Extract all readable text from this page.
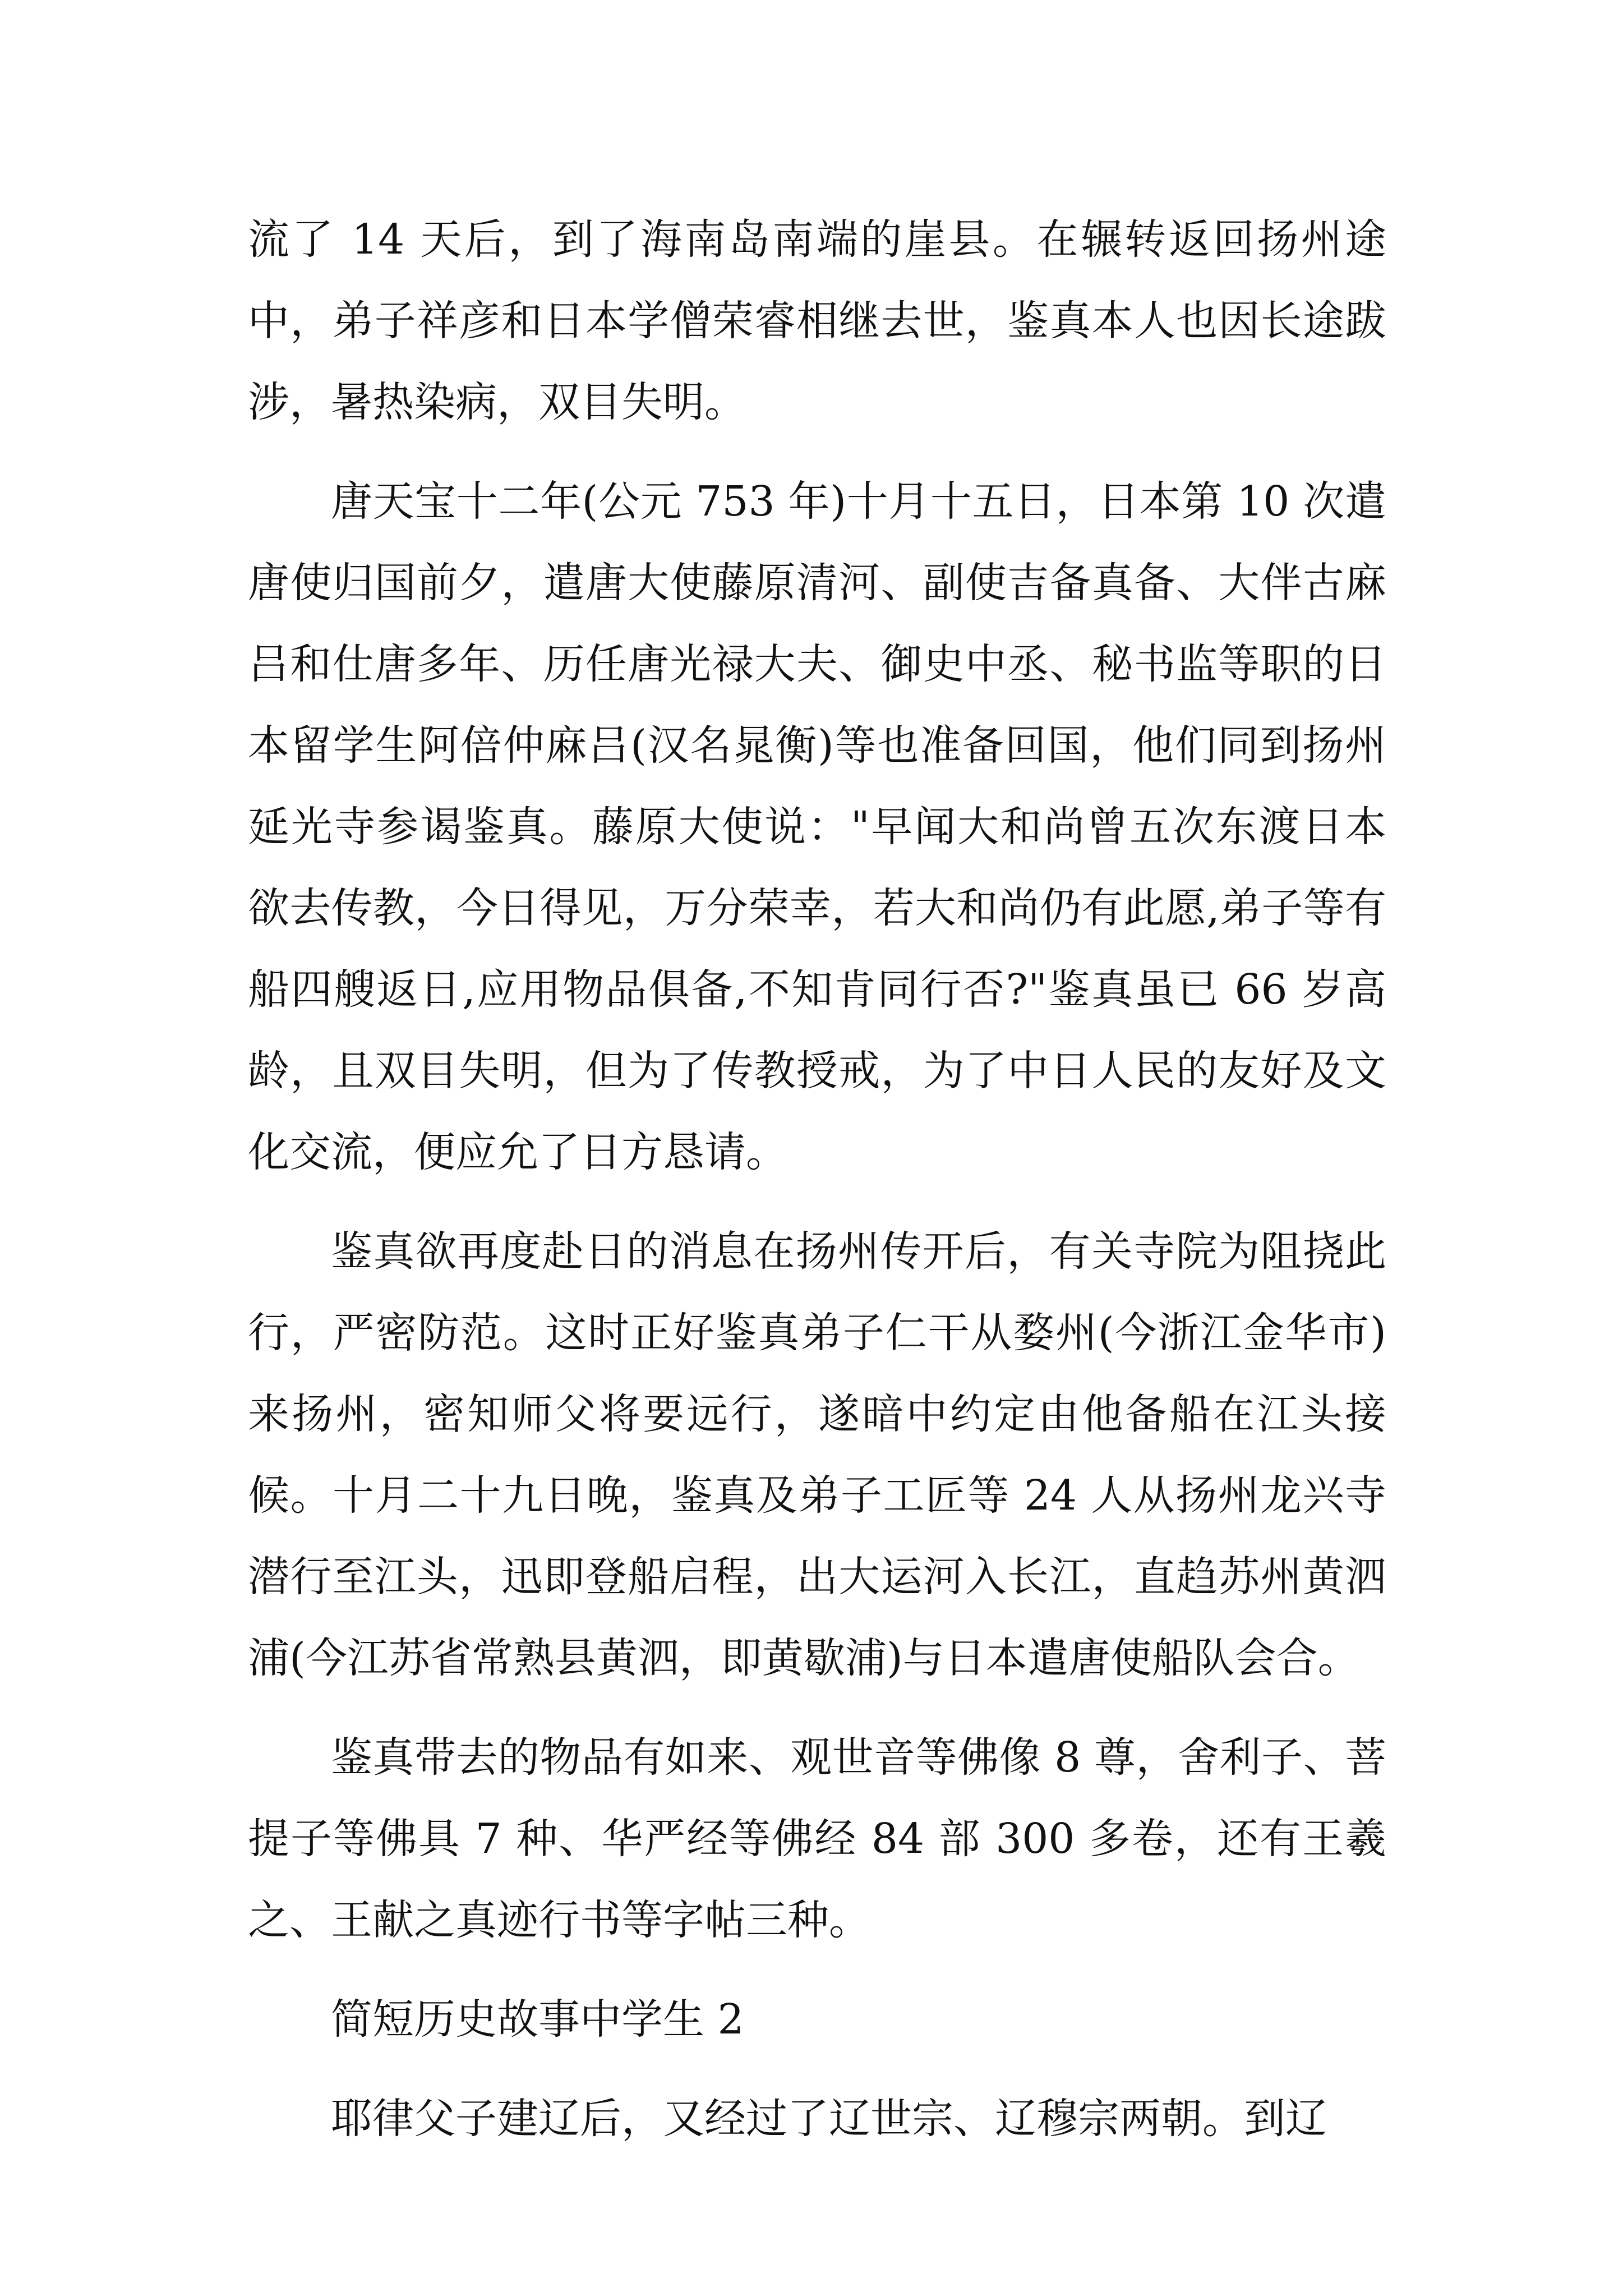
流了 14 天后，到了海南岛南端的崖县。在辗转返回扬州途中，弟子祥彦和日本学僧荣睿相继去世，鉴真本人也因长途跋涉，暑热染病，双目失明。

唐天宝十二年(公元 753 年)十月十五日，日本第 10 次遣唐使归国前夕，遣唐大使藤原清河、副使吉备真备、大伴古麻吕和仕唐多年、历任唐光禄大夫、御史中丞、秘书监等职的日本留学生阿倍仲麻吕(汉名晁衡)等也准备回国，他们同到扬州延光寺参谒鉴真。藤原大使说："早闻大和尚曾五次东渡日本欲去传教，今日得见，万分荣幸，若大和尚仍有此愿,弟子等有船四艘返日,应用物品俱备,不知肯同行否?"鉴真虽已 66 岁高龄，且双目失明，但为了传教授戒，为了中日人民的友好及文化交流，便应允了日方恳请。

鉴真欲再度赴日的消息在扬州传开后，有关寺院为阻挠此行，严密防范。这时正好鉴真弟子仁干从婺州(今浙江金华市)来扬州，密知师父将要远行，遂暗中约定由他备船在江头接候。十月二十九日晚，鉴真及弟子工匠等 24 人从扬州龙兴寺潜行至江头，迅即登船启程，出大运河入长江，直趋苏州黄泗浦(今江苏省常熟县黄泗，即黄歇浦)与日本遣唐使船队会合。

鉴真带去的物品有如来、观世音等佛像 8 尊，舍利子、菩提子等佛具 7 种、华严经等佛经 84 部 300 多卷，还有王羲之、王献之真迹行书等字帖三种。

简短历史故事中学生 2

耶律父子建辽后，又经过了辽世宗、辽穆宗两朝。到辽
